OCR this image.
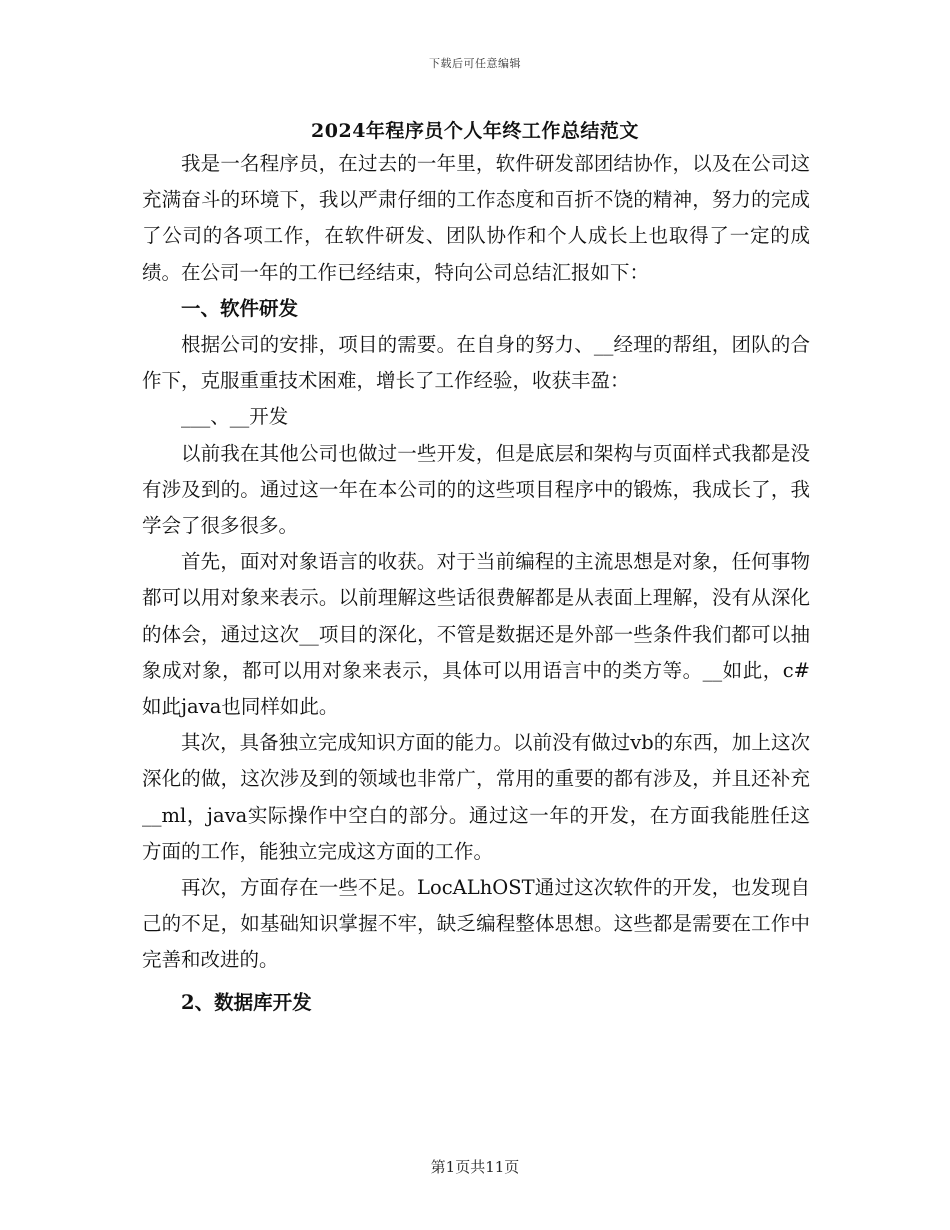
下载后可任意编辑
2024年程序员个人年终工作总结范文

我是一名程序员，在过去的一年里，软件研发部团结协作，以及在公司这充满奋斗的环境下，我以严肃仔细的工作态度和百折不饶的精神，努力的完成了公司的各项工作，在软件研发、团队协作和个人成长上也取得了一定的成绩。在公司一年的工作已经结束，特向公司总结汇报如下：

一、软件研发

根据公司的安排，项目的需要。在自身的努力、__经理的帮组，团队的合作下，克服重重技术困难，增长了工作经验，收获丰盈：

___、__开发

以前我在其他公司也做过一些开发，但是底层和架构与页面样式我都是没有涉及到的。通过这一年在本公司的的这些项目程序中的锻炼，我成长了，我学会了很多很多。

首先，面对对象语言的收获。对于当前编程的主流思想是对象，任何事物都可以用对象来表示。以前理解这些话很费解都是从表面上理解，没有从深化的体会，通过这次__项目的深化，不管是数据还是外部一些条件我们都可以抽象成对象，都可以用对象来表示，具体可以用语言中的类方等。__如此，c#如此java也同样如此。

其次，具备独立完成知识方面的能力。以前没有做过vb的东西，加上这次深化的做，这次涉及到的领域也非常广，常用的重要的都有涉及，并且还补充__ml，java实际操作中空白的部分。通过这一年的开发，在方面我能胜任这方面的工作，能独立完成这方面的工作。

再次，方面存在一些不足。LocALhOST通过这次软件的开发，也发现自己的不足，如基础知识掌握不牢，缺乏编程整体思想。这些都是需要在工作中完善和改进的。

2、数据库开发

第1页共11页
